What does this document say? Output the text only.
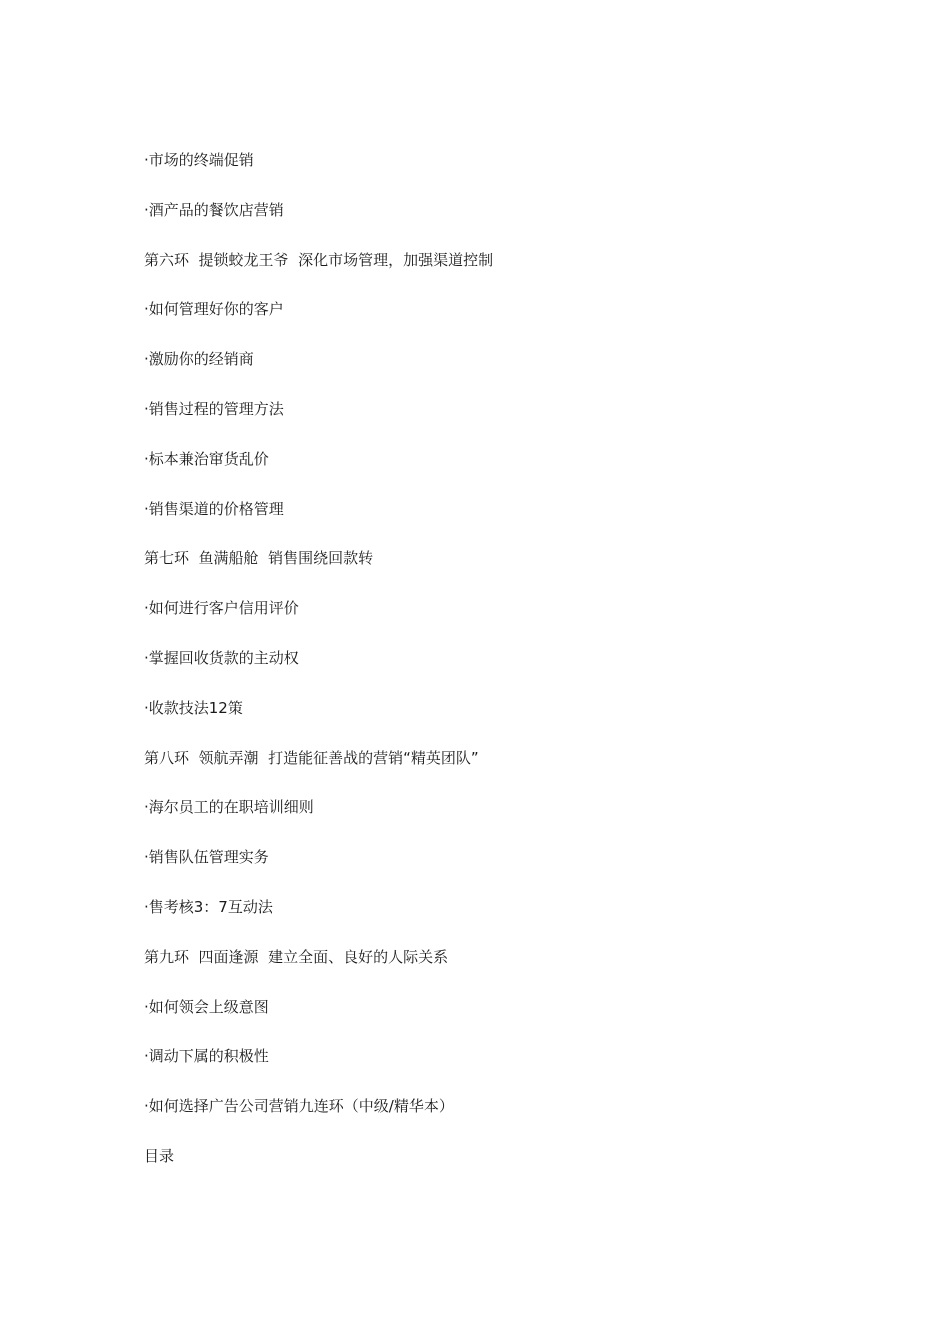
·市场的终端促销
·酒产品的餐饮店营销
第六环  提锁蛟龙王爷  深化市场管理，加强渠道控制
·如何管理好你的客户
·激励你的经销商
·销售过程的管理方法
·标本兼治窜货乱价
·销售渠道的价格管理
第七环  鱼满船舱  销售围绕回款转
·如何进行客户信用评价
·掌握回收货款的主动权
·收款技法12策
第八环  领航弄潮  打造能征善战的营销“精英团队”
·海尔员工的在职培训细则
·销售队伍管理实务
·售考核3：7互动法
第九环  四面逢源  建立全面、良好的人际关系
·如何领会上级意图
·调动下属的积极性
·如何选择广告公司营销九连环（中级/精华本）
目录
